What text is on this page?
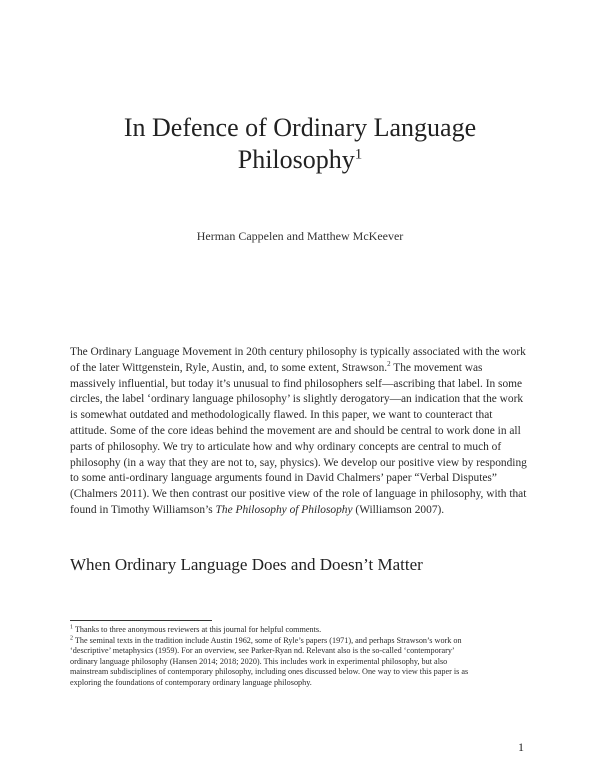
In Defence of Ordinary Language
Philosophy$^1$
Herman Cappelen and Matthew McKeever

The Ordinary Language Movement in 20th century philosophy is typically associated with the work of the later Wittgenstein, Ryle, Austin, and, to some extent, Strawson.$^2$ The movement was massively influential, but today it’s unusual to find philosophers self—ascribing that label. In some circles, the label ‘ordinary language philosophy’ is slightly derogatory—an indication that the work is somewhat outdated and methodologically flawed. In this paper, we want to counteract that attitude. Some of the core ideas behind the movement are and should be central to work done in all parts of philosophy. We try to articulate how and why ordinary concepts are central to much of philosophy (in a way that they are not to, say, physics). We develop our positive view by responding to some anti-ordinary language arguments found in David Chalmers’ paper “Verbal Disputes” (Chalmers 2011). We then contrast our positive view of the role of language in philosophy, with that found in Timothy Williamson’s The Philosophy of Philosophy (Williamson 2007).

When Ordinary Language Does and Doesn’t Matter

$^1$ Thanks to three anonymous reviewers at this journal for helpful comments.

$^2$ The seminal texts in the tradition include Austin 1962, some of Ryle’s papers (1971), and perhaps Strawson’s work on ‘descriptive’ metaphysics (1959). For an overview, see Parker-Ryan nd. Relevant also is the so-called ‘contemporary’ ordinary language philosophy (Hansen 2014; 2018; 2020). This includes work in experimental philosophy, but also mainstream subdisciplines of contemporary philosophy, including ones discussed below. One way to view this paper is as exploring the foundations of contemporary ordinary language philosophy.

1
